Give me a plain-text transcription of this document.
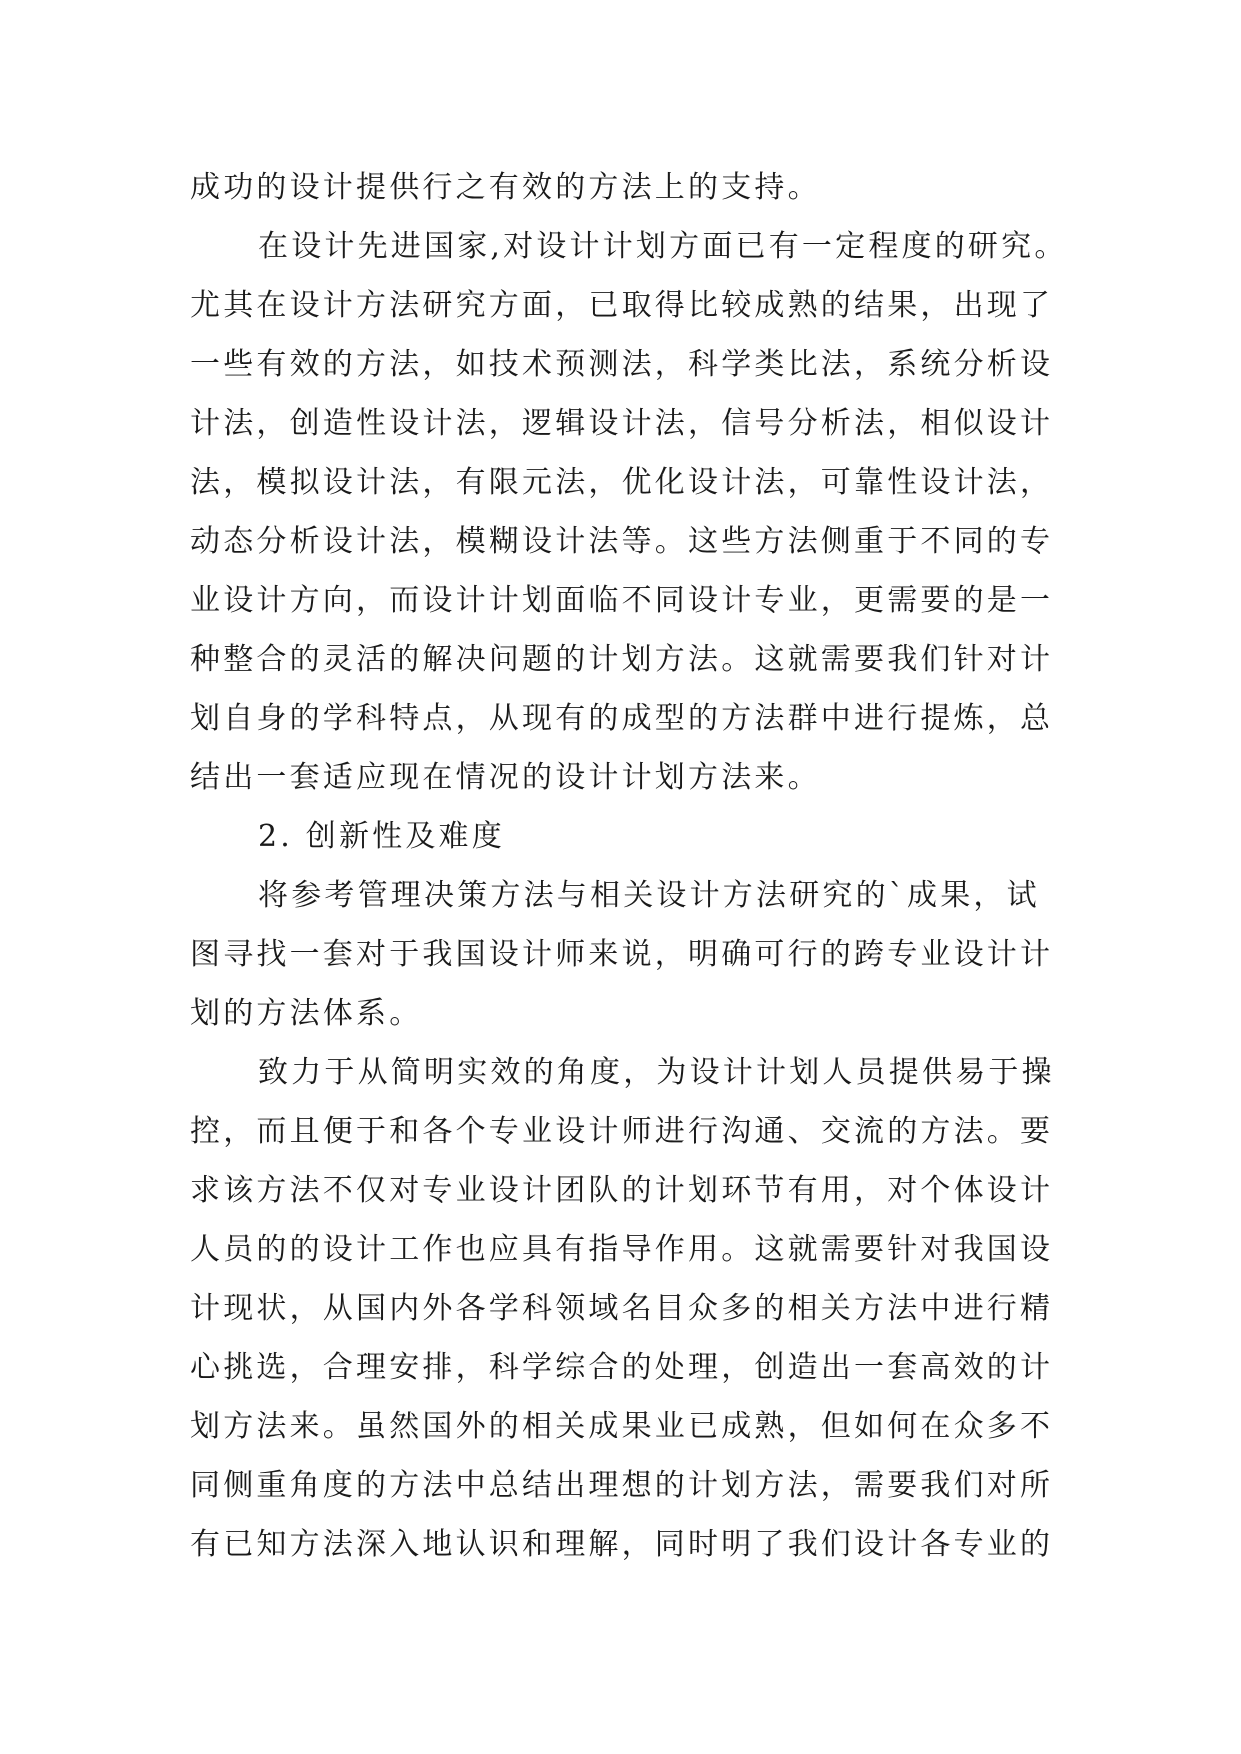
成功的设计提供行之有效的方法上的支持。
在设计先进国家,对设计计划方面已有一定程度的研究。
尤其在设计方法研究方面，已取得比较成熟的结果，出现了
一些有效的方法，如技术预测法，科学类比法，系统分析设
计法，创造性设计法，逻辑设计法，信号分析法，相似设计
法，模拟设计法，有限元法，优化设计法，可靠性设计法，
动态分析设计法，模糊设计法等。这些方法侧重于不同的专
业设计方向，而设计计划面临不同设计专业，更需要的是一
种整合的灵活的解决问题的计划方法。这就需要我们针对计
划自身的学科特点，从现有的成型的方法群中进行提炼，总
结出一套适应现在情况的设计计划方法来。
2. 创新性及难度
将参考管理决策方法与相关设计方法研究的`成果，试
图寻找一套对于我国设计师来说，明确可行的跨专业设计计
划的方法体系。
致力于从简明实效的角度，为设计计划人员提供易于操
控，而且便于和各个专业设计师进行沟通、交流的方法。要
求该方法不仅对专业设计团队的计划环节有用，对个体设计
人员的的设计工作也应具有指导作用。这就需要针对我国设
计现状，从国内外各学科领域名目众多的相关方法中进行精
心挑选，合理安排，科学综合的处理，创造出一套高效的计
划方法来。虽然国外的相关成果业已成熟，但如何在众多不
同侧重角度的方法中总结出理想的计划方法，需要我们对所
有已知方法深入地认识和理解，同时明了我们设计各专业的
